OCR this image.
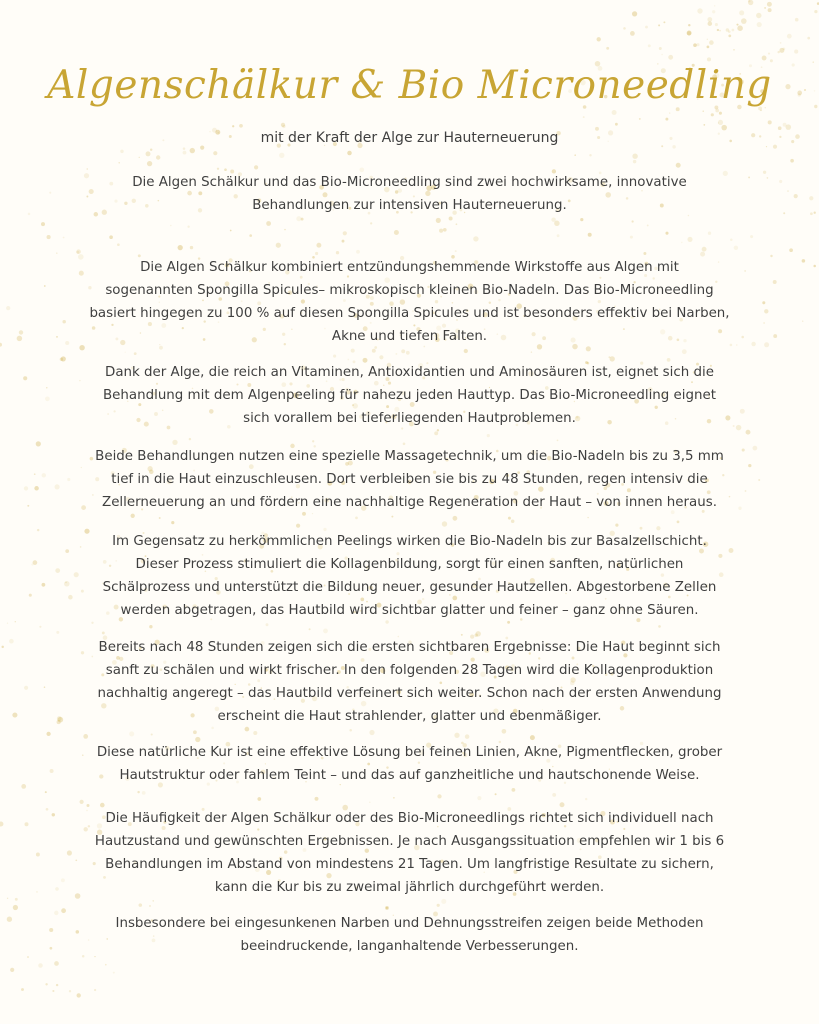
Algenschälkur & Bio Microneedling

mit der Kraft der Alge zur Hauterneuerung

Die Algen Schälkur und das Bio-Microneedling sind zwei hochwirksame, innovative
Behandlungen zur intensiven Hauterneuerung.

Die Algen Schälkur kombiniert entzündungshemmende Wirkstoffe aus Algen mit
sogenannten Spongilla Spicules– mikroskopisch kleinen Bio-Nadeln. Das Bio-Microneedling
basiert hingegen zu 100 % auf diesen Spongilla Spicules und ist besonders effektiv bei Narben,
Akne und tiefen Falten.

Dank der Alge, die reich an Vitaminen, Antioxidantien und Aminosäuren ist, eignet sich die
Behandlung mit dem Algenpeeling für nahezu jeden Hauttyp. Das Bio-Microneedling eignet
sich vorallem bei tieferliegenden Hautproblemen.

Beide Behandlungen nutzen eine spezielle Massagetechnik, um die Bio-Nadeln bis zu 3,5 mm
tief in die Haut einzuschleusen. Dort verbleiben sie bis zu 48 Stunden, regen intensiv die
Zellerneuerung an und fördern eine nachhaltige Regeneration der Haut – von innen heraus.

Im Gegensatz zu herkömmlichen Peelings wirken die Bio-Nadeln bis zur Basalzellschicht.
Dieser Prozess stimuliert die Kollagenbildung, sorgt für einen sanften, natürlichen
Schälprozess und unterstützt die Bildung neuer, gesunder Hautzellen. Abgestorbene Zellen
werden abgetragen, das Hautbild wird sichtbar glatter und feiner – ganz ohne Säuren.

Bereits nach 48 Stunden zeigen sich die ersten sichtbaren Ergebnisse: Die Haut beginnt sich
sanft zu schälen und wirkt frischer. In den folgenden 28 Tagen wird die Kollagenproduktion
nachhaltig angeregt – das Hautbild verfeinert sich weiter. Schon nach der ersten Anwendung
erscheint die Haut strahlender, glatter und ebenmäßiger.

Diese natürliche Kur ist eine effektive Lösung bei feinen Linien, Akne, Pigmentflecken, grober
Hautstruktur oder fahlem Teint – und das auf ganzheitliche und hautschonende Weise.

Die Häufigkeit der Algen Schälkur oder des Bio-Microneedlings richtet sich individuell nach
Hautzustand und gewünschten Ergebnissen. Je nach Ausgangssituation empfehlen wir 1 bis 6
Behandlungen im Abstand von mindestens 21 Tagen. Um langfristige Resultate zu sichern,
kann die Kur bis zu zweimal jährlich durchgeführt werden.

Insbesondere bei eingesunkenen Narben und Dehnungsstreifen zeigen beide Methoden
beeindruckende, langanhaltende Verbesserungen.
